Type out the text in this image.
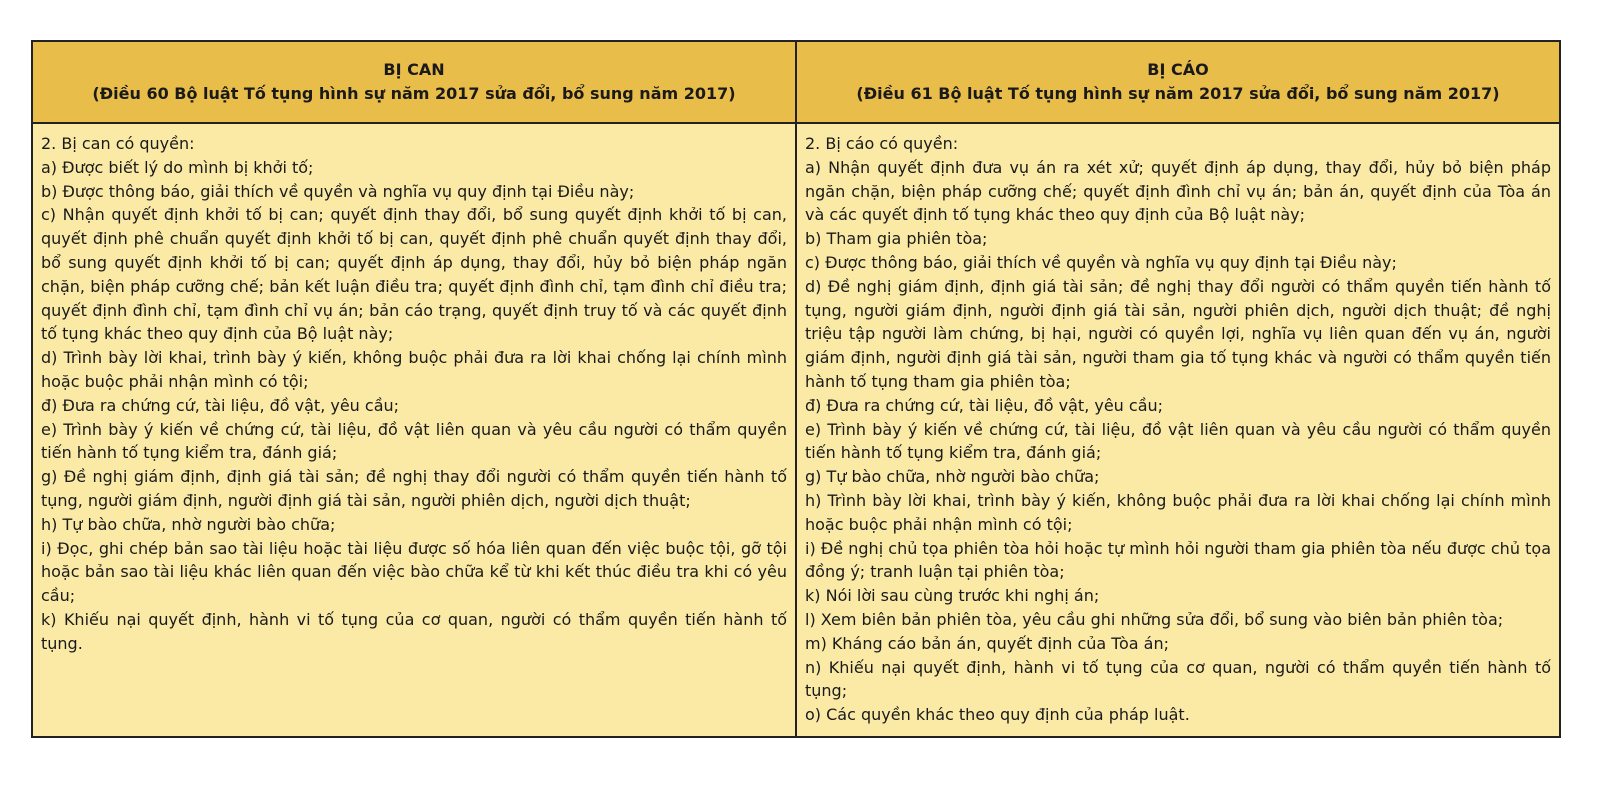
BỊ CAN
(Điều 60 Bộ luật Tố tụng hình sự năm 2017 sửa đổi, bổ sung năm 2017)
BỊ CÁO
(Điều 61 Bộ luật Tố tụng hình sự năm 2017 sửa đổi, bổ sung năm 2017)

2. Bị can có quyền:

a) Được biết lý do mình bị khởi tố;

b) Được thông báo, giải thích về quyền và nghĩa vụ quy định tại Điều này;

c) Nhận quyết định khởi tố bị can; quyết định thay đổi, bổ sung quyết định khởi tố bị can, quyết định phê chuẩn quyết định khởi tố bị can, quyết định phê chuẩn quyết định thay đổi, bổ sung quyết định khởi tố bị can; quyết định áp dụng, thay đổi, hủy bỏ biện pháp ngăn chặn, biện pháp cưỡng chế; bản kết luận điều tra; quyết định đình chỉ, tạm đình chỉ điều tra; quyết định đình chỉ, tạm đình chỉ vụ án; bản cáo trạng, quyết định truy tố và các quyết định tố tụng khác theo quy định của Bộ luật này;

d) Trình bày lời khai, trình bày ý kiến, không buộc phải đưa ra lời khai chống lại chính mình hoặc buộc phải nhận mình có tội;

đ) Đưa ra chứng cứ, tài liệu, đồ vật, yêu cầu;

e) Trình bày ý kiến về chứng cứ, tài liệu, đồ vật liên quan và yêu cầu người có thẩm quyền tiến hành tố tụng kiểm tra, đánh giá;

g) Đề nghị giám định, định giá tài sản; đề nghị thay đổi người có thẩm quyền tiến hành tố tụng, người giám định, người định giá tài sản, người phiên dịch, người dịch thuật;

h) Tự bào chữa, nhờ người bào chữa;

i) Đọc, ghi chép bản sao tài liệu hoặc tài liệu được số hóa liên quan đến việc buộc tội, gỡ tội hoặc bản sao tài liệu khác liên quan đến việc bào chữa kể từ khi kết thúc điều tra khi có yêu cầu;

k) Khiếu nại quyết định, hành vi tố tụng của cơ quan, người có thẩm quyền tiến hành tố tụng.

2. Bị cáo có quyền:

a) Nhận quyết định đưa vụ án ra xét xử; quyết định áp dụng, thay đổi, hủy bỏ biện pháp ngăn chặn, biện pháp cưỡng chế; quyết định đình chỉ vụ án; bản án, quyết định của Tòa án và các quyết định tố tụng khác theo quy định của Bộ luật này;

b) Tham gia phiên tòa;

c) Được thông báo, giải thích về quyền và nghĩa vụ quy định tại Điều này;

d) Đề nghị giám định, định giá tài sản; đề nghị thay đổi người có thẩm quyền tiến hành tố tụng, người giám định, người định giá tài sản, người phiên dịch, người dịch thuật; đề nghị triệu tập người làm chứng, bị hại, người có quyền lợi, nghĩa vụ liên quan đến vụ án, người giám định, người định giá tài sản, người tham gia tố tụng khác và người có thẩm quyền tiến hành tố tụng tham gia phiên tòa;

đ) Đưa ra chứng cứ, tài liệu, đồ vật, yêu cầu;

e) Trình bày ý kiến về chứng cứ, tài liệu, đồ vật liên quan và yêu cầu người có thẩm quyền tiến hành tố tụng kiểm tra, đánh giá;

g) Tự bào chữa, nhờ người bào chữa;

h) Trình bày lời khai, trình bày ý kiến, không buộc phải đưa ra lời khai chống lại chính mình hoặc buộc phải nhận mình có tội;

i) Đề nghị chủ tọa phiên tòa hỏi hoặc tự mình hỏi người tham gia phiên tòa nếu được chủ tọa đồng ý; tranh luận tại phiên tòa;

k) Nói lời sau cùng trước khi nghị án;

l) Xem biên bản phiên tòa, yêu cầu ghi những sửa đổi, bổ sung vào biên bản phiên tòa;

m) Kháng cáo bản án, quyết định của Tòa án;

n) Khiếu nại quyết định, hành vi tố tụng của cơ quan, người có thẩm quyền tiến hành tố tụng;

o) Các quyền khác theo quy định của pháp luật.
